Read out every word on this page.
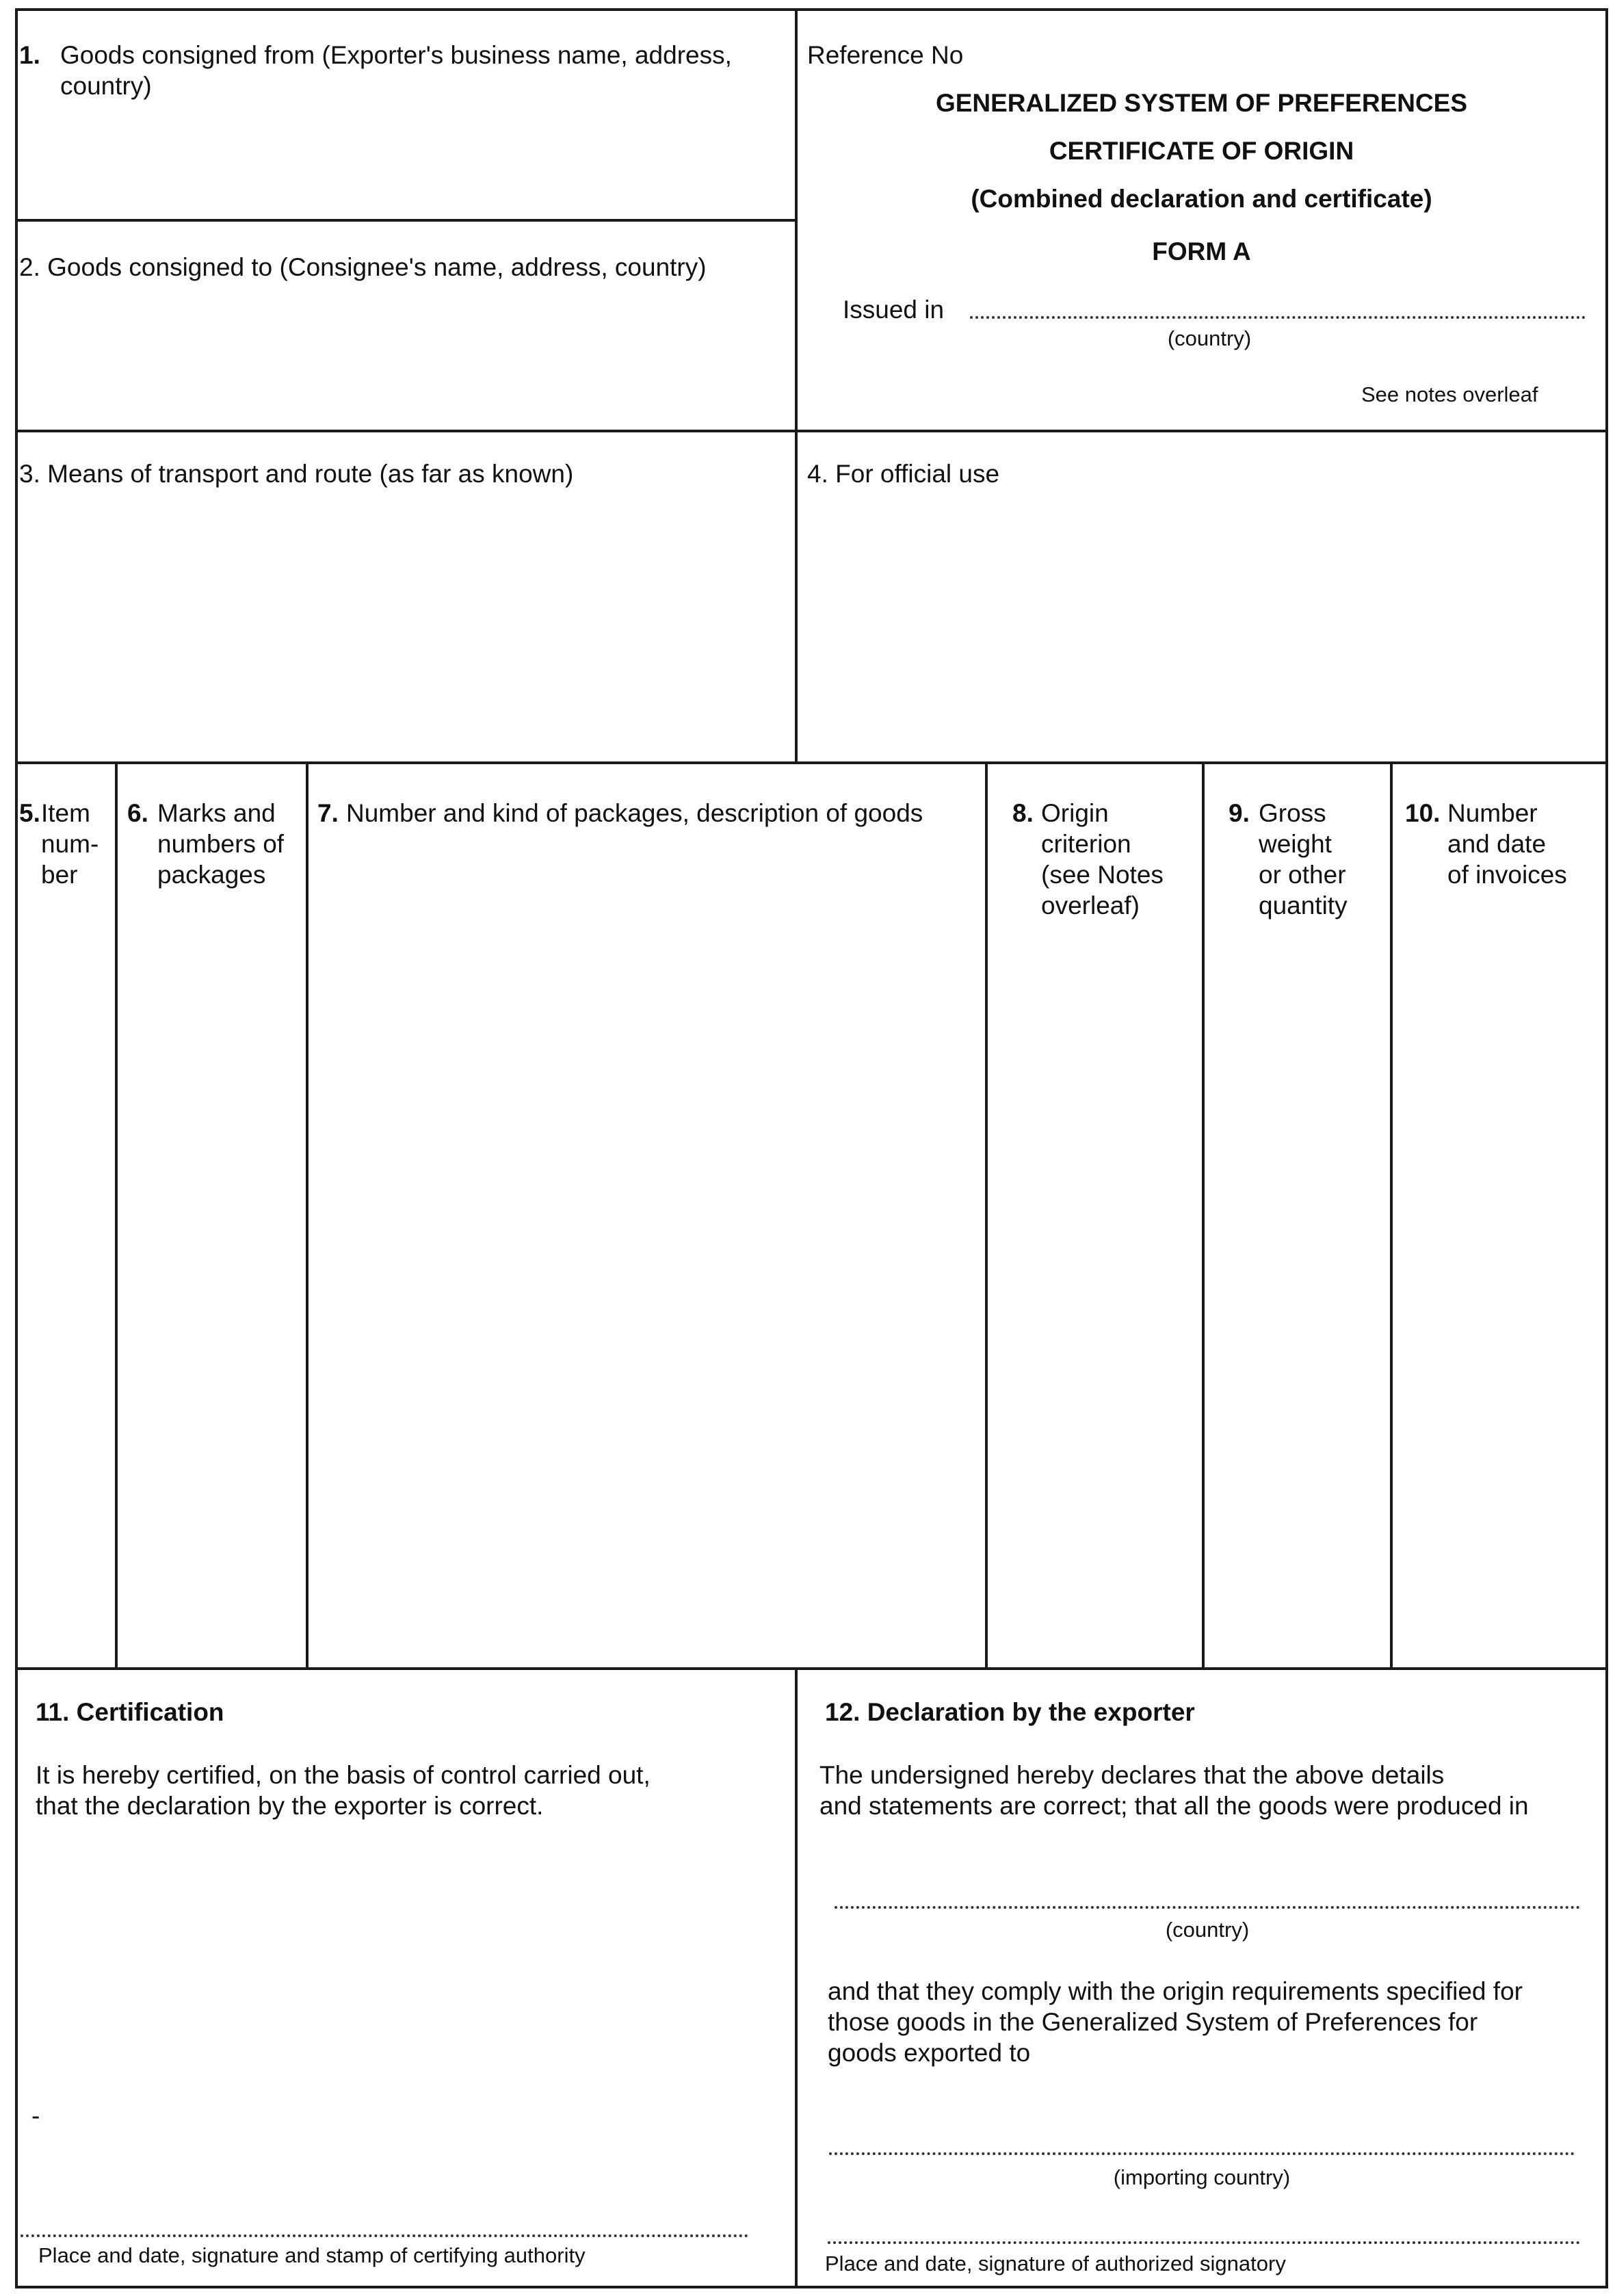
1. Goods consigned from (Exporter's business name, address,
country)
2. Goods consigned to (Consignee's name, address, country)
Reference No
GENERALIZED SYSTEM OF PREFERENCES
CERTIFICATE OF ORIGIN
(Combined declaration and certificate)
FORM A
Issued in
(country)
See notes overleaf
3. Means of transport and route (as far as known)	4. For official use
5. Item
num-
ber
6. Marks and
numbers of
packages
7. Number and kind of packages, description of goods	8. Origin
criterion
(see Notes
overleaf)
9. Gross
weight
or other
quantity
10. Number
and date
of invoices
11. Certification
It is hereby certified, on the basis of control carried out,
that the declaration by the exporter is correct.
-
Place and date, signature and stamp of certifying authority
12. Declaration by the exporter
The undersigned hereby declares that the above details
and statements are correct; that all the goods were produced in
(country)
and that they comply with the origin requirements specified for
those goods in the Generalized System of Preferences for
goods exported to
(importing country)
Place and date, signature of authorized signatory
